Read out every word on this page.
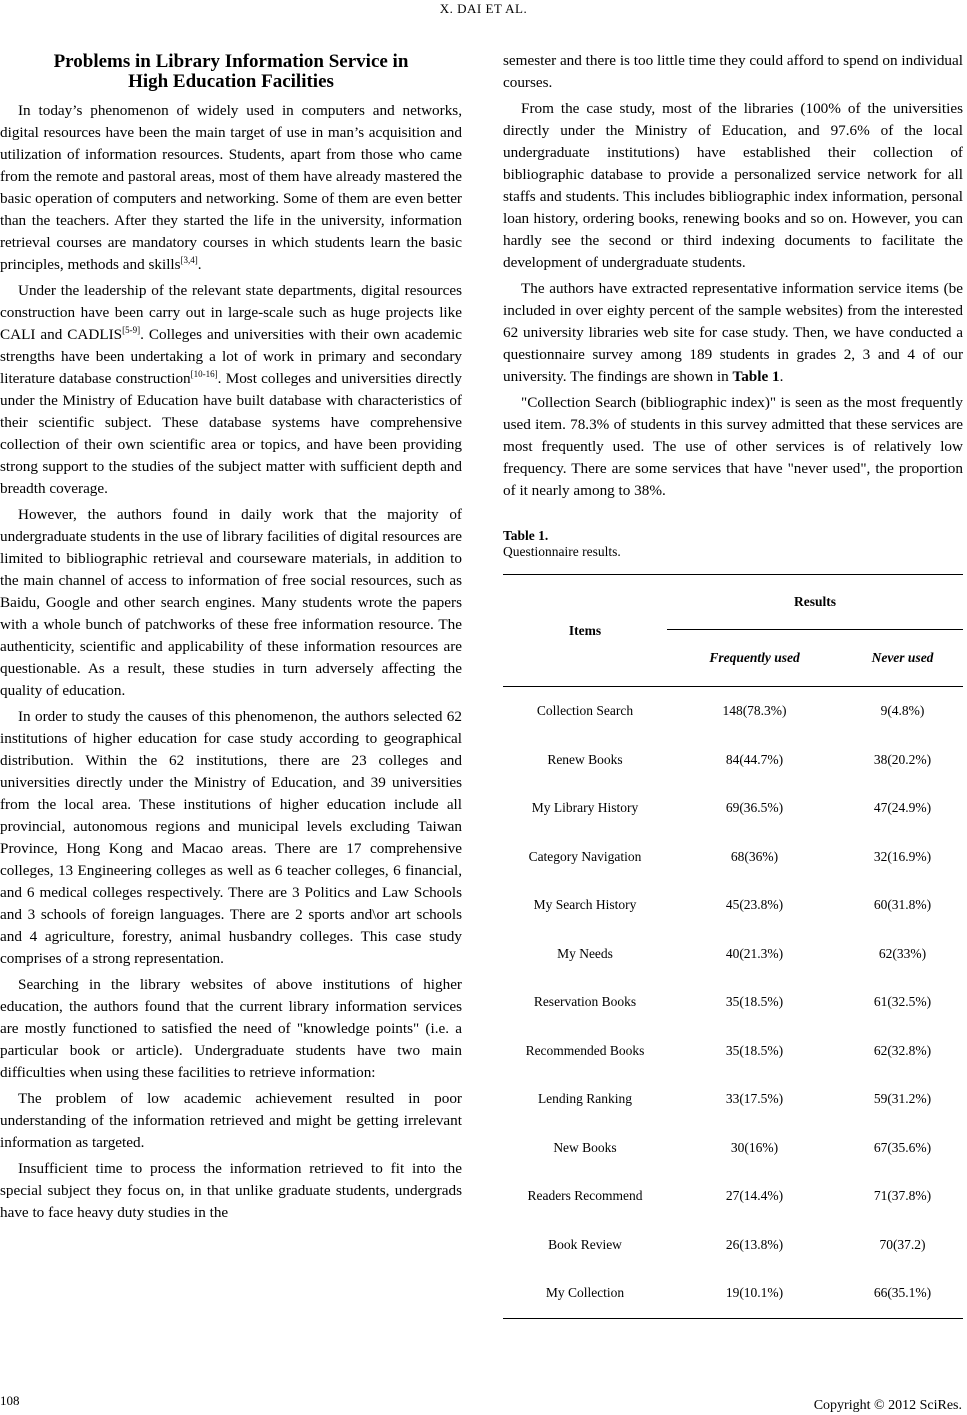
X. DAI ET AL.
Problems in Library Information Service in
High Education Facilities

In today’s phenomenon of widely used in computers and networks, digital resources have been the main target of use in man’s acquisition and utilization of information resources. Students, apart from those who came from the remote and pastoral areas, most of them have already mastered the basic operation of computers and networking. Some of them are even better than the teachers. After they started the life in the university, information retrieval courses are mandatory courses in which students learn the basic principles, methods and skills[3,4].

Under the leadership of the relevant state departments, digital resources construction have been carry out in large-scale such as huge projects like CALI and CADLIS[5-9]. Colleges and universities with their own academic strengths have been undertaking a lot of work in primary and secondary literature database construction[10-16]. Most colleges and universities directly under the Ministry of Education have built database with characteristics of their scientific subject. These database systems have comprehensive collection of their own scientific area or topics, and have been providing strong support to the studies of the subject matter with sufficient depth and breadth coverage.

However, the authors found in daily work that the majority of undergraduate students in the use of library facilities of digital resources are limited to bibliographic retrieval and courseware materials, in addition to the main channel of access to information of free social resources, such as Baidu, Google and other search engines. Many students wrote the papers with a whole bunch of patchworks of these free information resource. The authenticity, scientific and applicability of these information resources are questionable. As a result, these studies in turn adversely affecting the quality of education.

In order to study the causes of this phenomenon, the authors selected 62 institutions of higher education for case study according to geographical distribution. Within the 62 institutions, there are 23 colleges and universities directly under the Ministry of Education, and 39 universities from the local area. These institutions of higher education include all provincial, autonomous regions and municipal levels excluding Taiwan Province, Hong Kong and Macao areas. There are 17 comprehensive colleges, 13 Engineering colleges as well as 6 teacher colleges, 6 financial, and 6 medical colleges respectively. There are 3 Politics and Law Schools and 3 schools of foreign languages. There are 2 sports and\or art schools and 4 agriculture, forestry, animal husbandry colleges. This case study comprises of a strong representation.

Searching in the library websites of above institutions of higher education, the authors found that the current library information services are mostly functioned to satisfied the need of "knowledge points" (i.e. a particular book or article). Undergraduate students have two main difficulties when using these facilities to retrieve information:

The problem of low academic achievement resulted in poor understanding of the information retrieved and might be getting irrelevant information as targeted.

Insufficient time to process the information retrieved to fit into the special subject they focus on, in that unlike graduate students, undergrads have to face heavy duty studies in the

semester and there is too little time they could afford to spend on individual courses.

From the case study, most of the libraries (100% of the universities directly under the Ministry of Education, and 97.6% of the local undergraduate institutions) have established their collection of bibliographic database to provide a personalized service network for all staffs and students. This includes bibliographic index information, personal loan history, ordering books, renewing books and so on. However, you can hardly see the second or third indexing documents to facilitate the development of undergraduate students.

The authors have extracted representative information service items (be included in over eighty percent of the sample websites) from the interested 62 university libraries web site for case study. Then, we have conducted a questionnaire survey among 189 students in grades 2, 3 and 4 of our university. The findings are shown in Table 1.

"Collection Search (bibliographic index)" is seen as the most frequently used item. 78.3% of students in this survey admitted that these services are most frequently used. The use of other services is of relatively low frequency. There are some services that have "never used", the proportion of it nearly among to 38%.

Table 1.
Questionnaire results.
Items	Results	
	Frequently used	Never used
Collection Search	148(78.3%)	9(4.8%)
Renew Books	84(44.7%)	38(20.2%)
My Library History	69(36.5%)	47(24.9%)
Category Navigation	68(36%)	32(16.9%)
My Search History	45(23.8%)	60(31.8%)
My Needs	40(21.3%)	62(33%)
Reservation Books	35(18.5%)	61(32.5%)
Recommended Books	35(18.5%)	62(32.8%)
Lending Ranking	33(17.5%)	59(31.2%)
New Books	30(16%)	67(35.6%)
Readers Recommend	27(14.4%)	71(37.8%)
Book Review	26(13.8%)	70(37.2)
My Collection	19(10.1%)	66(35.1%)
108	Copyright © 2012 SciRes.
